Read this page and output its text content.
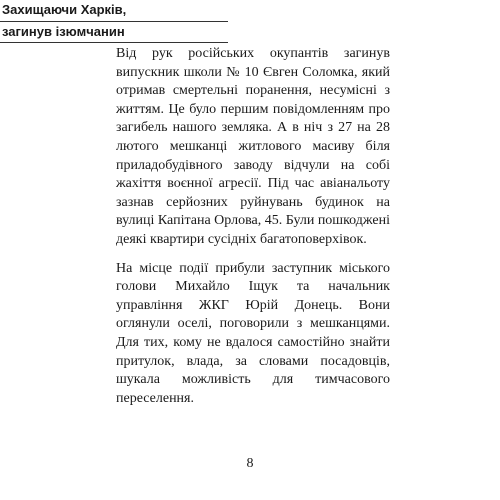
Захищаючи Харків,
загинув ізюмчанин

Від рук російських окупантів загинув випускник школи № 10 Євген Соломка, який отримав смертельні поранення, несумісні з життям. Це було першим повідомленням про загибель нашого земляка. А в ніч з 27 на 28 лютого мешканці житлового масиву біля приладобудівного заводу відчули на собі жахіття воєнної агресії. Під час авіанальоту зазнав серйозних руйнувань будинок на вулиці Капітана Орлова, 45. Були пошкоджені деякі квартири сусідніх багатоповерхівок.

На місце події прибули заступник міського голови Михайло Іщук та начальник управління ЖКГ Юрій Донець. Вони оглянули оселі, поговорили з мешканцями. Для тих, кому не вдалося самостійно знайти притулок, влада, за словами посадовців, шукала можливість для тимчасового переселення.

8
